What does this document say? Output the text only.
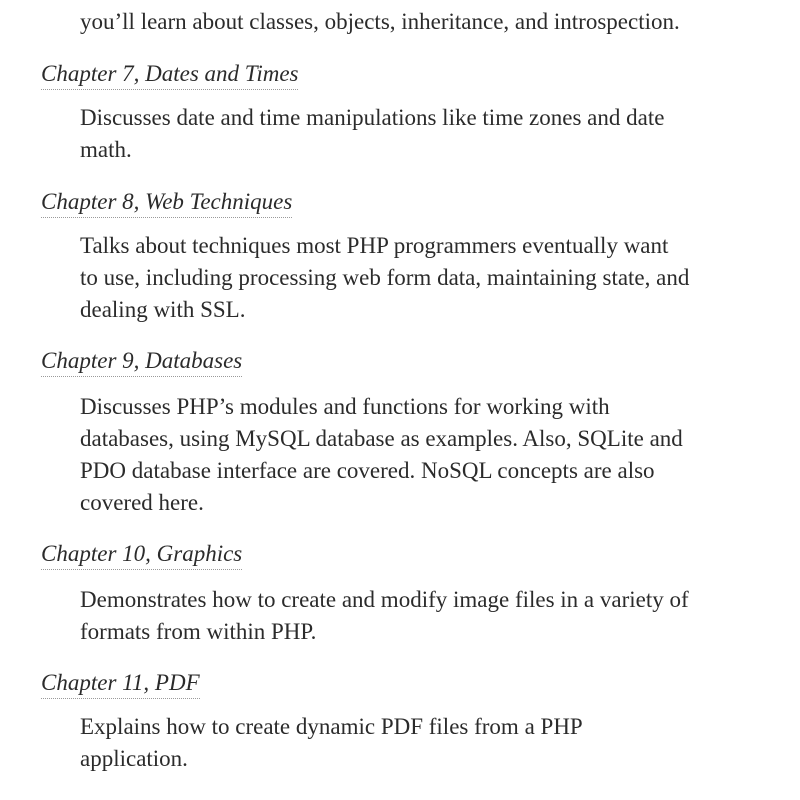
you’ll learn about classes, objects, inheritance, and introspection.

Chapter 7, Dates and Times

Discusses date and time manipulations like time zones and date
math.

Chapter 8, Web Techniques

Talks about techniques most PHP programmers eventually want
to use, including processing web form data, maintaining state, and
dealing with SSL.

Chapter 9, Databases

Discusses PHP’s modules and functions for working with
databases, using MySQL database as examples. Also, SQLite and
PDO database interface are covered. NoSQL concepts are also
covered here.

Chapter 10, Graphics

Demonstrates how to create and modify image files in a variety of
formats from within PHP.

Chapter 11, PDF

Explains how to create dynamic PDF files from a PHP
application.
